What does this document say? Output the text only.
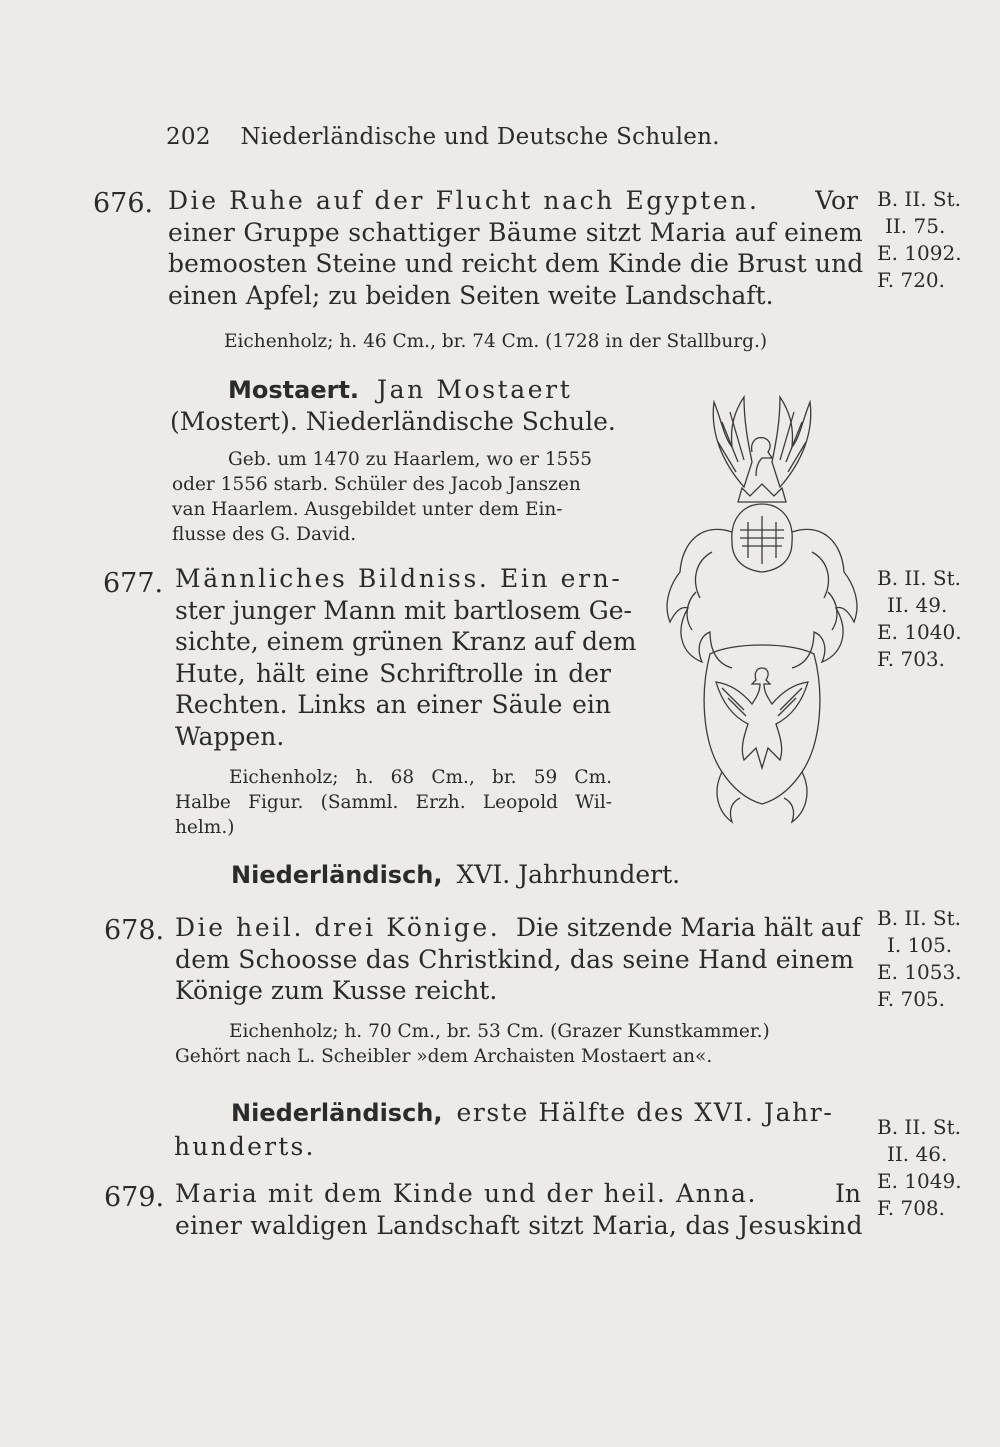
202 Niederländische und Deutsche Schulen.
676. Die Ruhe auf der Flucht nach Egypten. Vor
einer Gruppe schattiger Bäume sitzt Maria auf einem
bemoosten Steine und reicht dem Kinde die Brust und
einen Apfel; zu beiden Seiten weite Landschaft.
Eichenholz; h. 46 Cm., br. 74 Cm. (1728 in der Stallburg.)
B. II. St.
II. 75.
E. 1092.
F. 720.
Mostaert. Jan Mostaert
(Mostert). Niederländische Schule.
Geb. um 1470 zu Haarlem, wo er 1555
oder 1556 starb. Schüler des Jacob Janszen
van Haarlem. Ausgebildet unter dem Ein-
flusse des G. David.
677. Männliches Bildniss. Ein ern-
ster junger Mann mit bartlosem Ge-
sichte, einem grünen Kranz auf dem
Hute, hält eine Schriftrolle in der
Rechten. Links an einer Säule ein
Wappen.
Eichenholz; h. 68 Cm., br. 59 Cm.
Halbe Figur. (Samml. Erzh. Leopold Wil-
helm.)
B. II. St.
II. 49.
E. 1040.
F. 703.
Niederländisch, XVI. Jahrhundert.
678. Die heil. drei Könige. Die sitzende Maria hält auf
dem Schoosse das Christkind, das seine Hand einem
Könige zum Kusse reicht.
Eichenholz; h. 70 Cm., br. 53 Cm. (Grazer Kunstkammer.)
Gehört nach L. Scheibler »dem Archaisten Mostaert an«.
B. II. St.
I. 105.
E. 1053.
F. 705.
Niederländisch, erste Hälfte des XVI. Jahr-
hunderts.
679. Maria mit dem Kinde und der heil. Anna.	In
einer waldigen Landschaft sitzt Maria, das Jesuskind
B. II. St.
II. 46.
E. 1049.
F. 708.
